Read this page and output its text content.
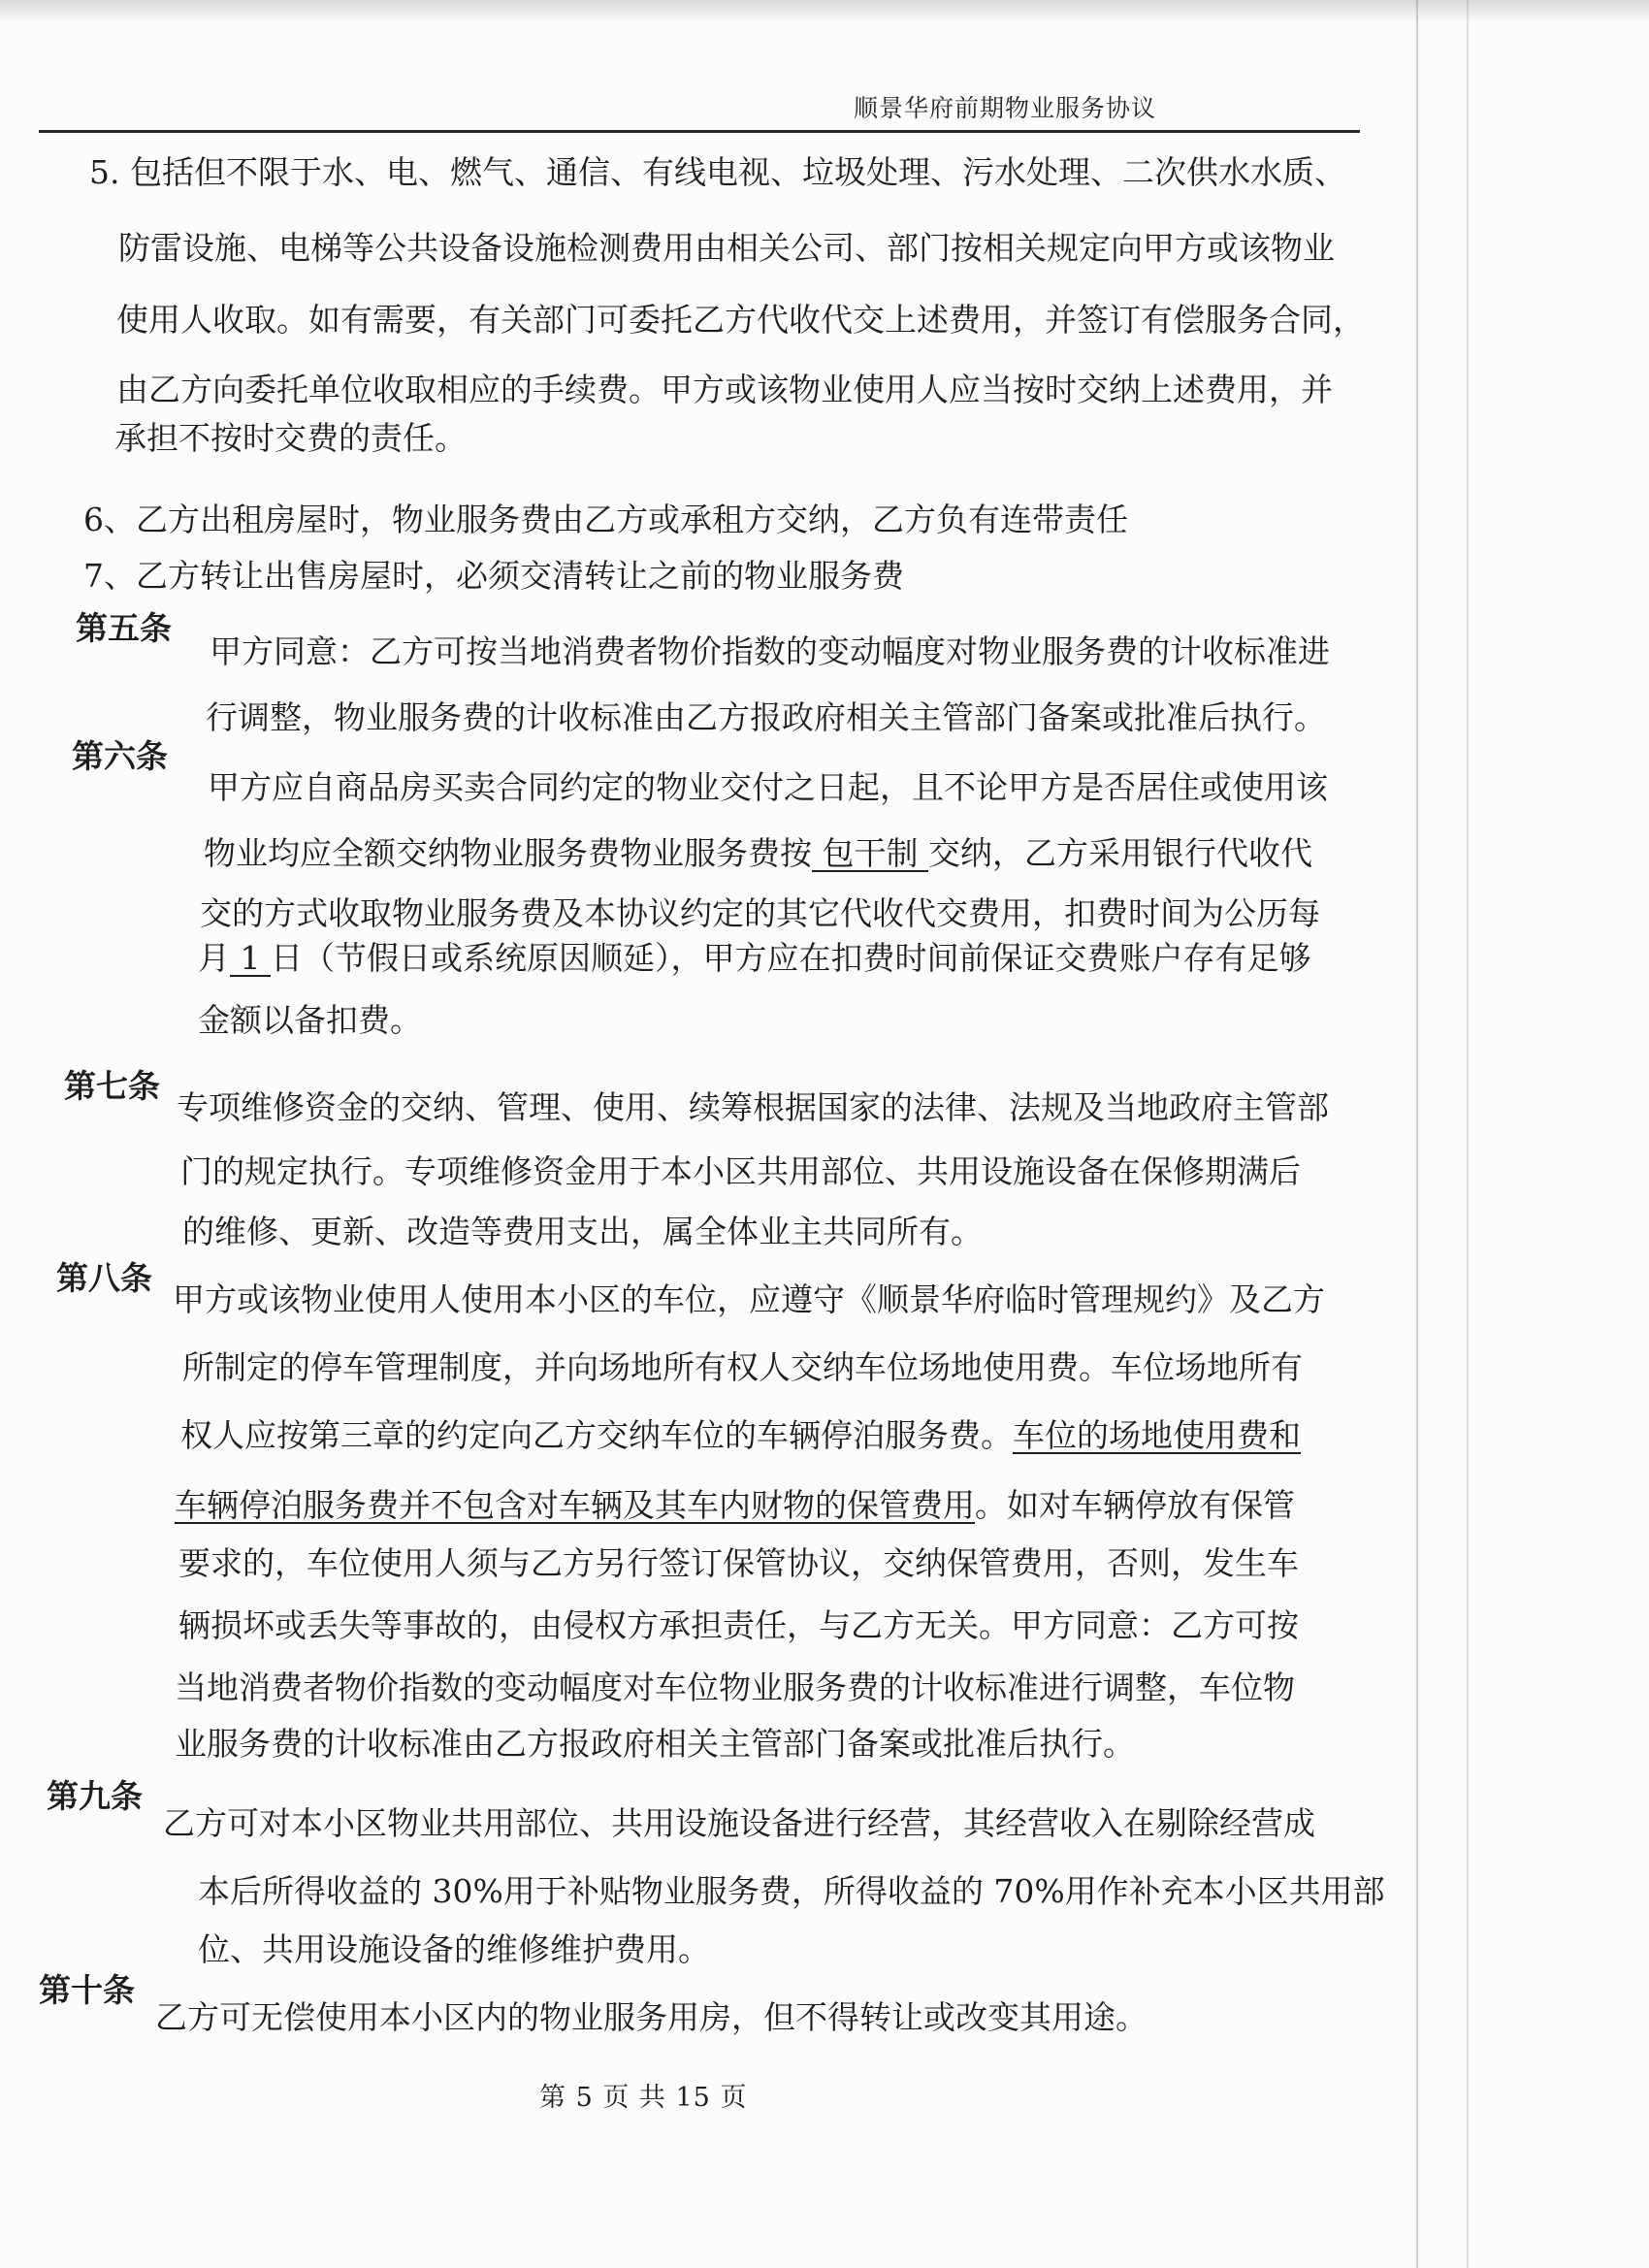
顺景华府前期物业服务协议
5. 包括但不限于水、电、燃气、通信、有线电视、垃圾处理、污水处理、二次供水水质、
防雷设施、电梯等公共设备设施检测费用由相关公司、部门按相关规定向甲方或该物业
使用人收取。如有需要，有关部门可委托乙方代收代交上述费用，并签订有偿服务合同，
由乙方向委托单位收取相应的手续费。甲方或该物业使用人应当按时交纳上述费用，并
承担不按时交费的责任。
6、乙方出租房屋时，物业服务费由乙方或承租方交纳，乙方负有连带责任
7、乙方转让出售房屋时，必须交清转让之前的物业服务费
第五条
甲方同意：乙方可按当地消费者物价指数的变动幅度对物业服务费的计收标准进
行调整，物业服务费的计收标准由乙方报政府相关主管部门备案或批准后执行。
第六条
甲方应自商品房买卖合同约定的物业交付之日起，且不论甲方是否居住或使用该
物业均应全额交纳物业服务费物业服务费按 包干制 交纳，乙方采用银行代收代
交的方式收取物业服务费及本协议约定的其它代收代交费用，扣费时间为公历每
月 1 日（节假日或系统原因顺延），甲方应在扣费时间前保证交费账户存有足够
金额以备扣费。
第七条
专项维修资金的交纳、管理、使用、续筹根据国家的法律、法规及当地政府主管部
门的规定执行。专项维修资金用于本小区共用部位、共用设施设备在保修期满后
的维修、更新、改造等费用支出，属全体业主共同所有。
第八条
甲方或该物业使用人使用本小区的车位，应遵守《顺景华府临时管理规约》及乙方
所制定的停车管理制度，并向场地所有权人交纳车位场地使用费。车位场地所有
权人应按第三章的约定向乙方交纳车位的车辆停泊服务费。车位的场地使用费和
车辆停泊服务费并不包含对车辆及其车内财物的保管费用。如对车辆停放有保管
要求的，车位使用人须与乙方另行签订保管协议，交纳保管费用，否则，发生车
辆损坏或丢失等事故的，由侵权方承担责任，与乙方无关。甲方同意：乙方可按
当地消费者物价指数的变动幅度对车位物业服务费的计收标准进行调整，车位物
业服务费的计收标准由乙方报政府相关主管部门备案或批准后执行。
第九条
乙方可对本小区物业共用部位、共用设施设备进行经营，其经营收入在剔除经营成
本后所得收益的 30%用于补贴物业服务费，所得收益的 70%用作补充本小区共用部
位、共用设施设备的维修维护费用。
第十条
乙方可无偿使用本小区内的物业服务用房，但不得转让或改变其用途。
第 5 页 共 15 页
